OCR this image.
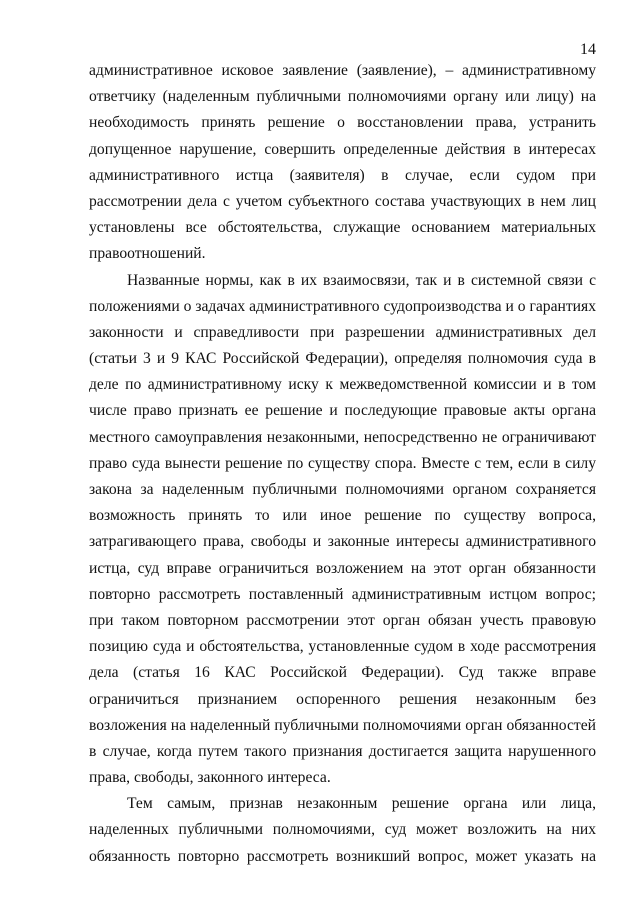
14

административное исковое заявление (заявление), – административному
ответчику (наделенным публичными полномочиями органу или лицу) на
необходимость принять решение о восстановлении права, устранить
допущенное нарушение, совершить определенные действия в интересах
административного истца (заявителя) в случае, если судом при
рассмотрении дела с учетом субъектного состава участвующих в нем лиц
установлены все обстоятельства, служащие основанием материальных
правоотношений.

Названные нормы, как в их взаимосвязи, так и в системной связи с
положениями о задачах административного судопроизводства и о гарантиях
законности и справедливости при разрешении административных дел
(статьи 3 и 9 КАС Российской Федерации), определяя полномочия суда в
деле по административному иску к межведомственной комиссии и в том
числе право признать ее решение и последующие правовые акты органа
местного самоуправления незаконными, непосредственно не ограничивают
право суда вынести решение по существу спора. Вместе с тем, если в силу
закона за наделенным публичными полномочиями органом сохраняется
возможность принять то или иное решение по существу вопроса,
затрагивающего права, свободы и законные интересы административного
истца, суд вправе ограничиться возложением на этот орган обязанности
повторно рассмотреть поставленный административным истцом вопрос;
при таком повторном рассмотрении этот орган обязан учесть правовую
позицию суда и обстоятельства, установленные судом в ходе рассмотрения
дела (статья 16 КАС Российской Федерации). Суд также вправе
ограничиться признанием оспоренного решения незаконным без
возложения на наделенный публичными полномочиями орган обязанностей
в случае, когда путем такого признания достигается защита нарушенного
права, свободы, законного интереса.

Тем самым, признав незаконным решение органа или лица,
наделенных публичными полномочиями, суд может возложить на них
обязанность повторно рассмотреть возникший вопрос, может указать на
